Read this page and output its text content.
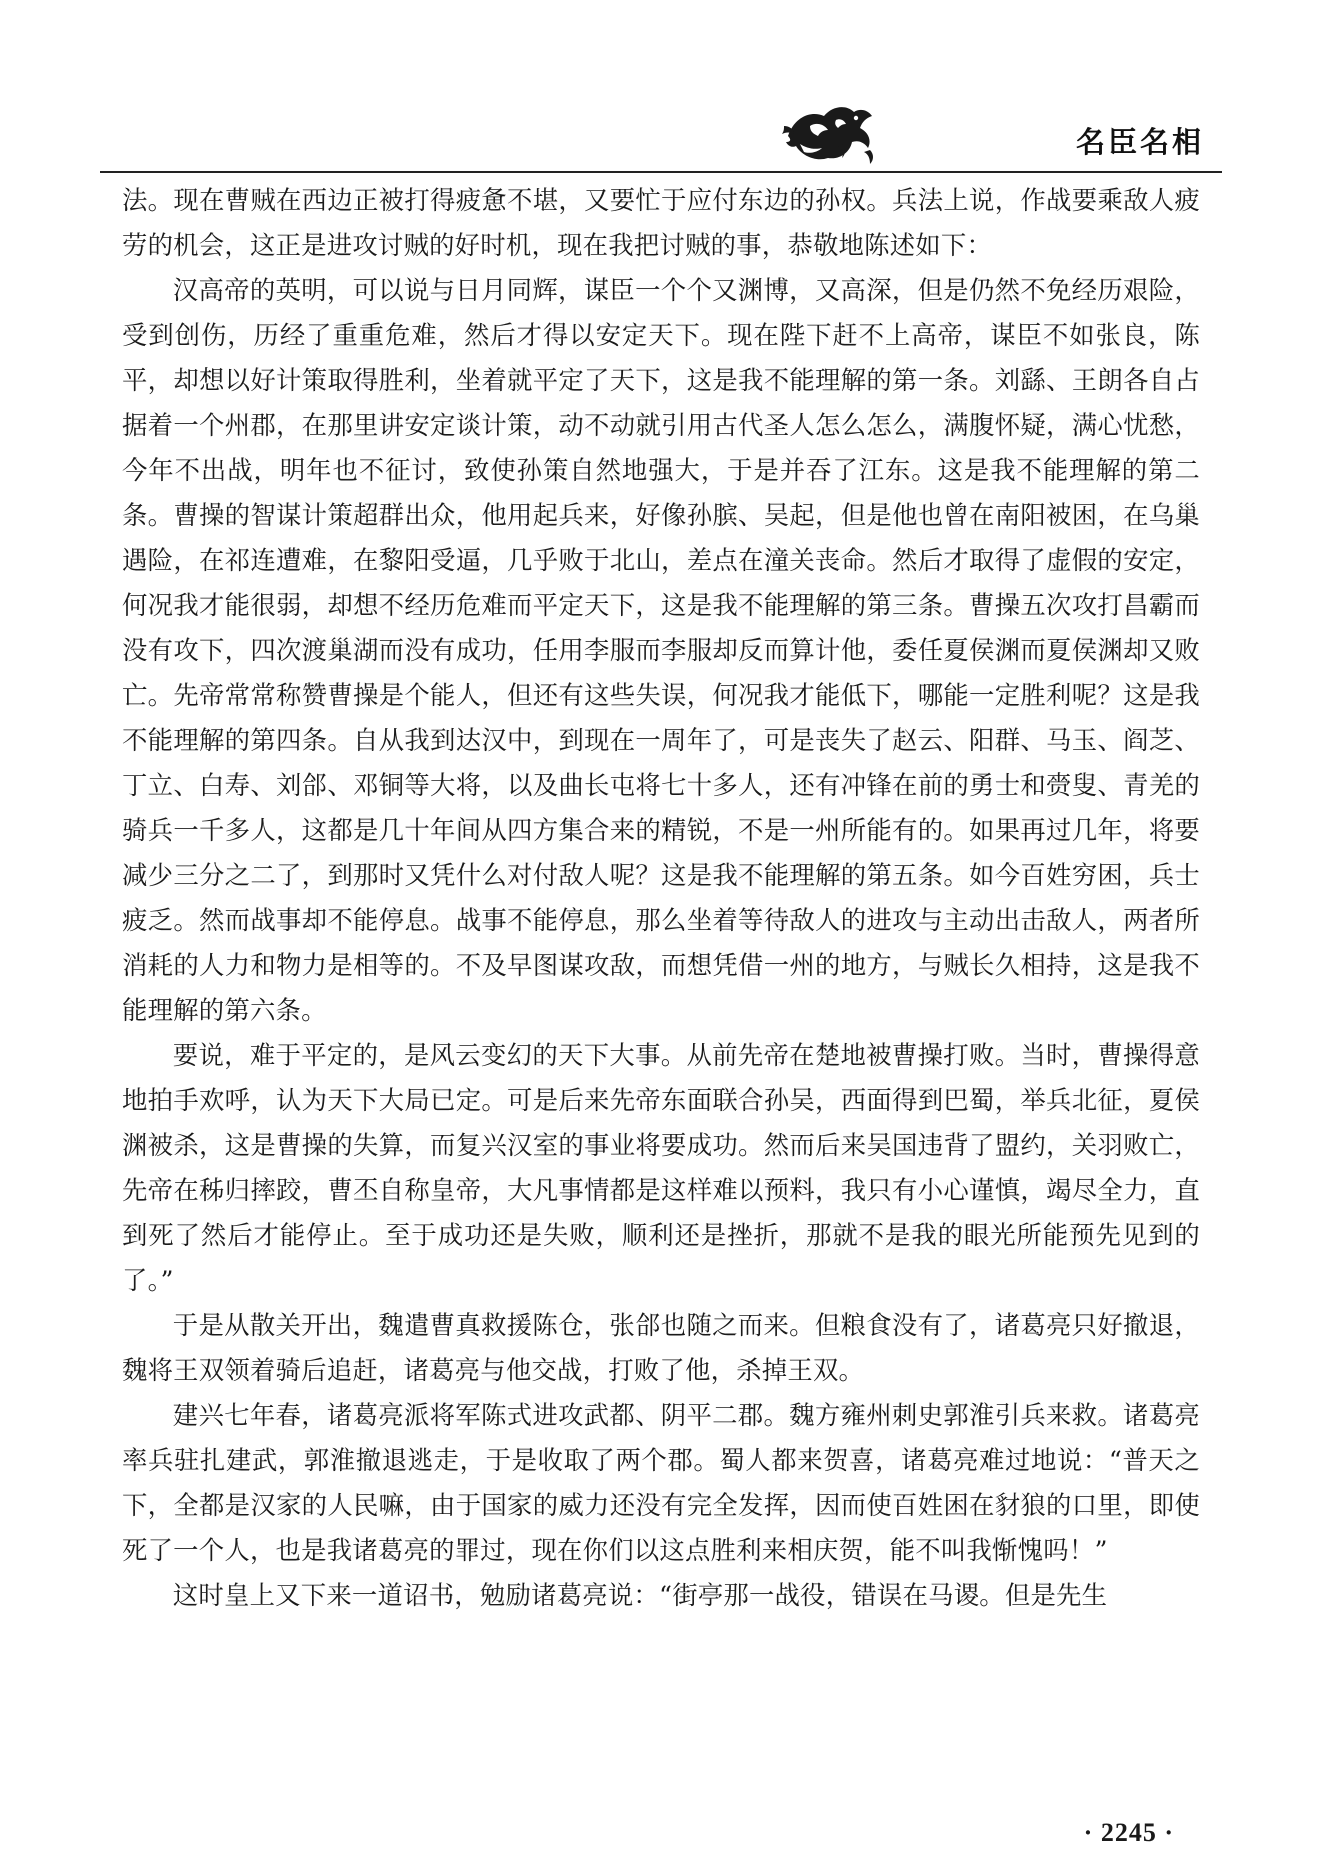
名臣名相

法。现在曹贼在西边正被打得疲惫不堪，又要忙于应付东边的孙权。兵法上说，作战要乘敌人疲劳的机会，这正是进攻讨贼的好时机，现在我把讨贼的事，恭敬地陈述如下：

汉高帝的英明，可以说与日月同辉，谋臣一个个又渊博，又高深，但是仍然不免经历艰险，受到创伤，历经了重重危难，然后才得以安定天下。现在陛下赶不上高帝，谋臣不如张良，陈平，却想以好计策取得胜利，坐着就平定了天下，这是我不能理解的第一条。刘繇、王朗各自占据着一个州郡，在那里讲安定谈计策，动不动就引用古代圣人怎么怎么，满腹怀疑，满心忧愁，今年不出战，明年也不征讨，致使孙策自然地强大，于是并吞了江东。这是我不能理解的第二条。曹操的智谋计策超群出众，他用起兵来，好像孙膑、吴起，但是他也曾在南阳被困，在乌巢遇险，在祁连遭难，在黎阳受逼，几乎败于北山，差点在潼关丧命。然后才取得了虚假的安定，何况我才能很弱，却想不经历危难而平定天下，这是我不能理解的第三条。曹操五次攻打昌霸而没有攻下，四次渡巢湖而没有成功，任用李服而李服却反而算计他，委任夏侯渊而夏侯渊却又败亡。先帝常常称赞曹操是个能人，但还有这些失误，何况我才能低下，哪能一定胜利呢？这是我不能理解的第四条。自从我到达汉中，到现在一周年了，可是丧失了赵云、阳群、马玉、阎芝、丁立、白寿、刘郃、邓铜等大将，以及曲长屯将七十多人，还有冲锋在前的勇士和赍叟、青羌的骑兵一千多人，这都是几十年间从四方集合来的精锐，不是一州所能有的。如果再过几年，将要减少三分之二了，到那时又凭什么对付敌人呢？这是我不能理解的第五条。如今百姓穷困，兵士疲乏。然而战事却不能停息。战事不能停息，那么坐着等待敌人的进攻与主动出击敌人，两者所消耗的人力和物力是相等的。不及早图谋攻敌，而想凭借一州的地方，与贼长久相持，这是我不能理解的第六条。

要说，难于平定的，是风云变幻的天下大事。从前先帝在楚地被曹操打败。当时，曹操得意地拍手欢呼，认为天下大局已定。可是后来先帝东面联合孙吴，西面得到巴蜀，举兵北征，夏侯渊被杀，这是曹操的失算，而复兴汉室的事业将要成功。然而后来吴国违背了盟约，关羽败亡，先帝在秭归摔跤，曹丕自称皇帝，大凡事情都是这样难以预料，我只有小心谨慎，竭尽全力，直到死了然后才能停止。至于成功还是失败，顺利还是挫折，那就不是我的眼光所能预先见到的了。”

于是从散关开出，魏遣曹真救援陈仓，张郃也随之而来。但粮食没有了，诸葛亮只好撤退，魏将王双领着骑后追赶，诸葛亮与他交战，打败了他，杀掉王双。

建兴七年春，诸葛亮派将军陈式进攻武都、阴平二郡。魏方雍州刺史郭淮引兵来救。诸葛亮率兵驻扎建武，郭淮撤退逃走，于是收取了两个郡。蜀人都来贺喜，诸葛亮难过地说：“普天之下，全都是汉家的人民嘛，由于国家的威力还没有完全发挥，因而使百姓困在豺狼的口里，即使死了一个人，也是我诸葛亮的罪过，现在你们以这点胜利来相庆贺，能不叫我惭愧吗！”

这时皇上又下来一道诏书，勉励诸葛亮说：“街亭那一战役，错误在马谡。但是先生

· 2245 ·
